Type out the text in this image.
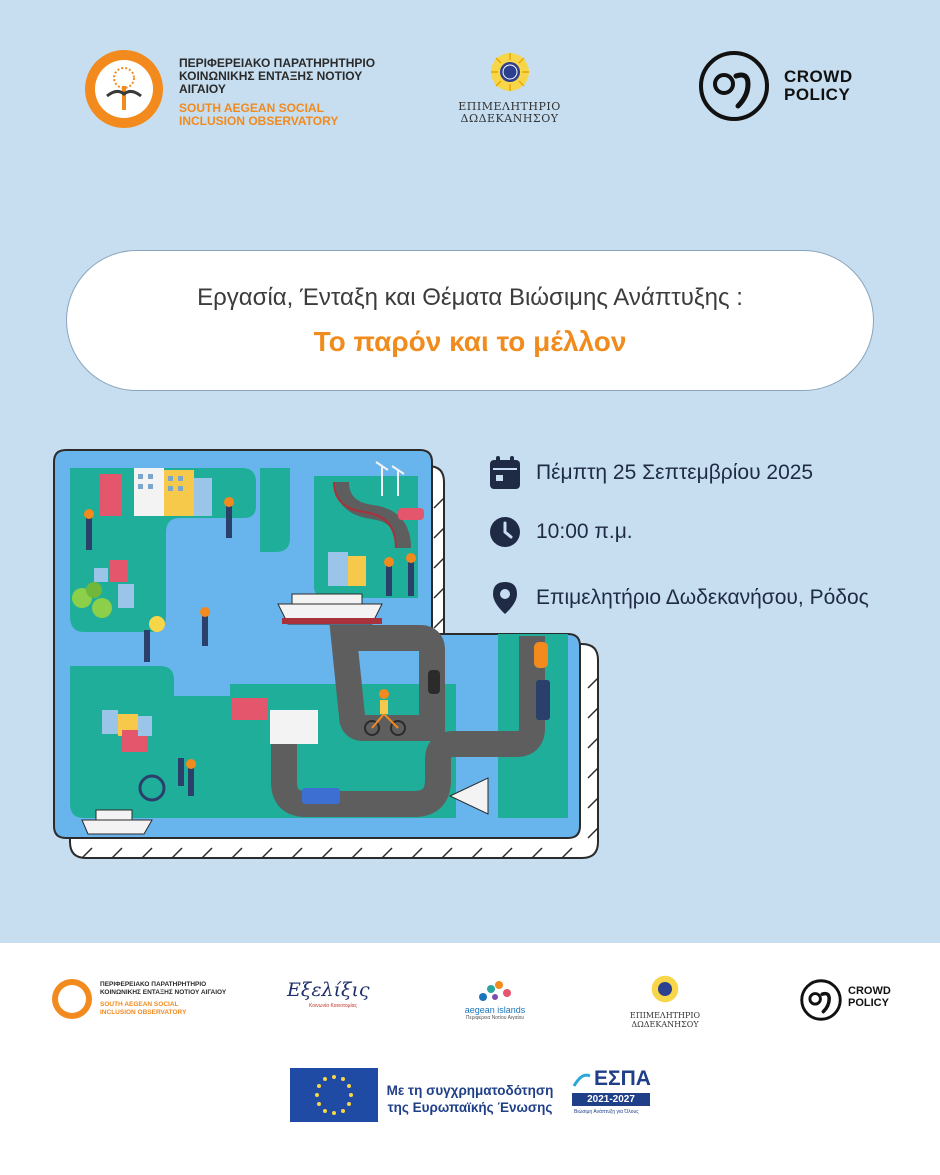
ΠΕΡΙΦΕΡΕΙΑΚΟ ΠΑΡΑΤΗΡΗΤΗΡΙΟ
ΚΟΙΝΩΝΙΚΗΣ ΕΝΤΑΞΗΣ ΝΟΤΙΟΥ ΑΙΓΑΙΟΥ
SOUTH AEGEAN SOCIAL
INCLUSION OBSERVATORY
ΕΠΙΜΕΛΗΤΗΡΙΟ
ΔΩΔΕΚΑΝΗΣΟΥ
CROWD
POLICY
Εργασία, Ένταξη και Θέματα Βιώσιμης Ανάπτυξης :
Το παρόν και το μέλλον
Πέμπτη 25 Σεπτεμβρίου 2025
10:00 π.μ.
Επιμελητήριο Δωδεκανήσου, Ρόδος
ΠΕΡΙΦΕΡΕΙΑΚΟ ΠΑΡΑΤΗΡΗΤΗΡΙΟ
ΚΟΙΝΩΝΙΚΗΣ ΕΝΤΑΞΗΣ ΝΟΤΙΟΥ ΑΙΓΑΙΟΥ
SOUTH AEGEAN SOCIAL
INCLUSION OBSERVATORY
Εξελίξις
Κοινωνία Καινοτομίας	aegean islands
Περιφέρεια Νοτίου Αιγαίου	ΕΠΙΜΕΛΗΤΗΡΙΟ
ΔΩΔΕΚΑΝΗΣΟΥ
CROWD
POLICY
Με τη συγχρηματοδότηση
της Ευρωπαϊκής Ένωσης
ΕΣΠΑ
2021-2027
Βιώσιμη Ανάπτυξη για Όλους
